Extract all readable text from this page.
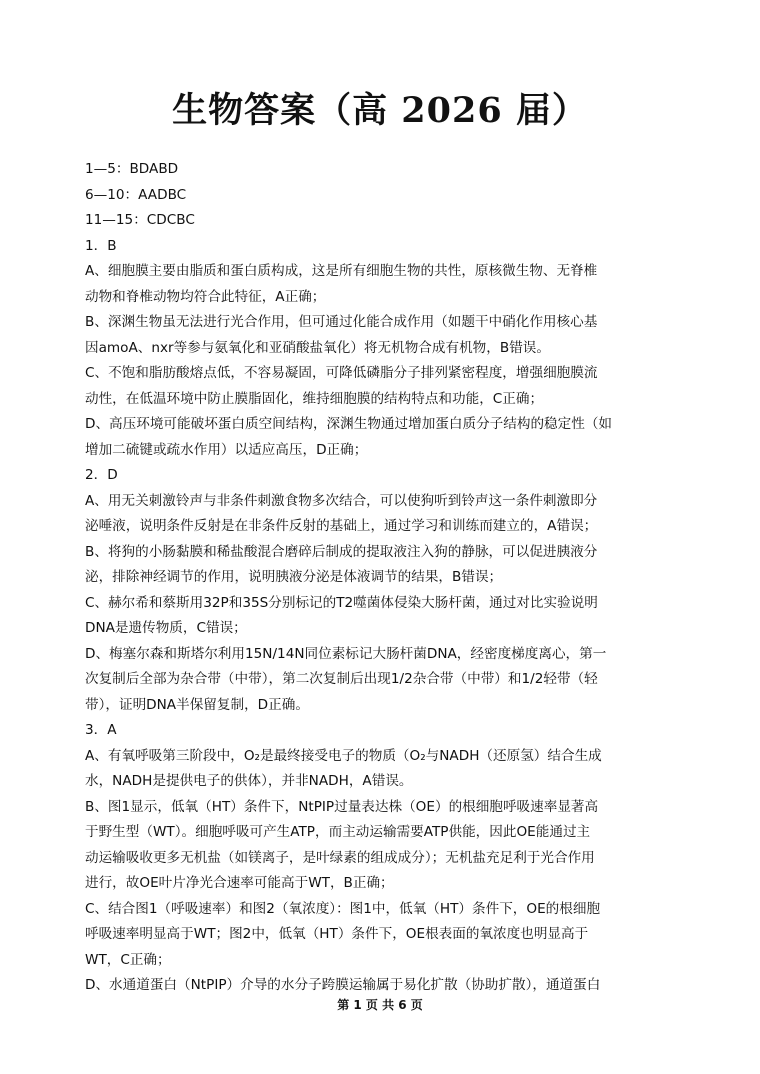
生物答案（高 2026 届）
1—5：BDABD
6—10：AADBC
11—15：CDCBC
1．B
A、细胞膜主要由脂质和蛋白质构成，这是所有细胞生物的共性，原核微生物、无脊椎
动物和脊椎动物均符合此特征，A正确；
B、深渊生物虽无法进行光合作用，但可通过化能合成作用（如题干中硝化作用核心基
因amoA、nxr等参与氨氧化和亚硝酸盐氧化）将无机物合成有机物，B错误。
C、不饱和脂肪酸熔点低，不容易凝固，可降低磷脂分子排列紧密程度，增强细胞膜流
动性，在低温环境中防止膜脂固化，维持细胞膜的结构特点和功能，C正确；
D、高压环境可能破坏蛋白质空间结构，深渊生物通过增加蛋白质分子结构的稳定性（如
增加二硫键或疏水作用）以适应高压，D正确；
2．D
A、用无关刺激铃声与非条件刺激食物多次结合，可以使狗听到铃声这一条件刺激即分
泌唾液，说明条件反射是在非条件反射的基础上，通过学习和训练而建立的，A错误；
B、将狗的小肠黏膜和稀盐酸混合磨碎后制成的提取液注入狗的静脉，可以促进胰液分
泌，排除神经调节的作用，说明胰液分泌是体液调节的结果，B错误；
C、赫尔希和蔡斯用32P和35S分别标记的T2噬菌体侵染大肠杆菌，通过对比实验说明
DNA是遗传物质，C错误；
D、梅塞尔森和斯塔尔利用15N/14N同位素标记大肠杆菌DNA，经密度梯度离心，第一
次复制后全部为杂合带（中带），第二次复制后出现1/2杂合带（中带）和1/2轻带（轻
带），证明DNA半保留复制，D正确。
3．A
A、有氧呼吸第三阶段中，O₂是最终接受电子的物质（O₂与NADH（还原氢）结合生成
水，NADH是提供电子的供体），并非NADH，A错误。
B、图1显示，低氧（HT）条件下，NtPIP过量表达株（OE）的根细胞呼吸速率显著高
于野生型（WT）。细胞呼吸可产生ATP，而主动运输需要ATP供能，因此OE能通过主
动运输吸收更多无机盐（如镁离子，是叶绿素的组成成分）；无机盐充足利于光合作用
进行，故OE叶片净光合速率可能高于WT，B正确；
C、结合图1（呼吸速率）和图2（氧浓度）：图1中，低氧（HT）条件下，OE的根细胞
呼吸速率明显高于WT；图2中，低氧（HT）条件下，OE根表面的氧浓度也明显高于
WT，C正确；
D、水通道蛋白（NtPIP）介导的水分子跨膜运输属于易化扩散（协助扩散），通道蛋白
第 1 页 共 6 页
